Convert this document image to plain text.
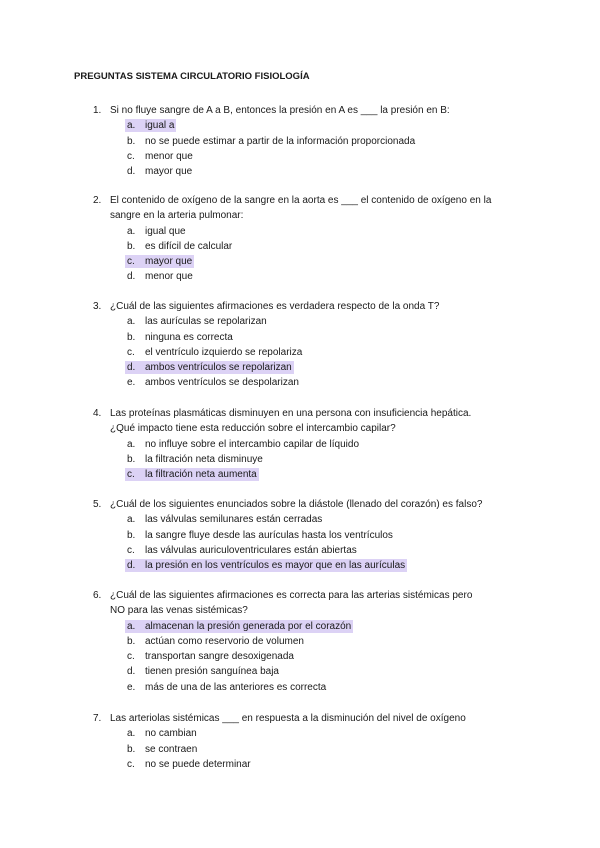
PREGUNTAS SISTEMA CIRCULATORIO FISIOLOGÍA
1. Si no fluye sangre de A a B, entonces la presión en A es ___ la presión en B:
a. igual a
b. no se puede estimar a partir de la información proporcionada
c. menor que
d. mayor que
2. El contenido de oxígeno de la sangre en la aorta es ___ el contenido de oxígeno en la
sangre en la arteria pulmonar:
a. igual que
b. es difícil de calcular
c. mayor que
d. menor que
3. ¿Cuál de las siguientes afirmaciones es verdadera respecto de la onda T?
a. las aurículas se repolarizan
b. ninguna es correcta
c. el ventrículo izquierdo se repolariza
d. ambos ventrículos se repolarizan
e. ambos ventrículos se despolarizan
4. Las proteínas plasmáticas disminuyen en una persona con insuficiencia hepática.
¿Qué impacto tiene esta reducción sobre el intercambio capilar?
a. no influye sobre el intercambio capilar de líquido
b. la filtración neta disminuye
c. la filtración neta aumenta
5. ¿Cuál de los siguientes enunciados sobre la diástole (llenado del corazón) es falso?
a. las válvulas semilunares están cerradas
b. la sangre fluye desde las aurículas hasta los ventrículos
c. las válvulas auriculoventriculares están abiertas
d. la presión en los ventrículos es mayor que en las aurículas
6. ¿Cuál de las siguientes afirmaciones es correcta para las arterias sistémicas pero
NO para las venas sistémicas?
a. almacenan la presión generada por el corazón
b. actúan como reservorio de volumen
c. transportan sangre desoxigenada
d. tienen presión sanguínea baja
e. más de una de las anteriores es correcta
7. Las arteriolas sistémicas ___ en respuesta a la disminución del nivel de oxígeno
a. no cambian
b. se contraen
c. no se puede determinar
